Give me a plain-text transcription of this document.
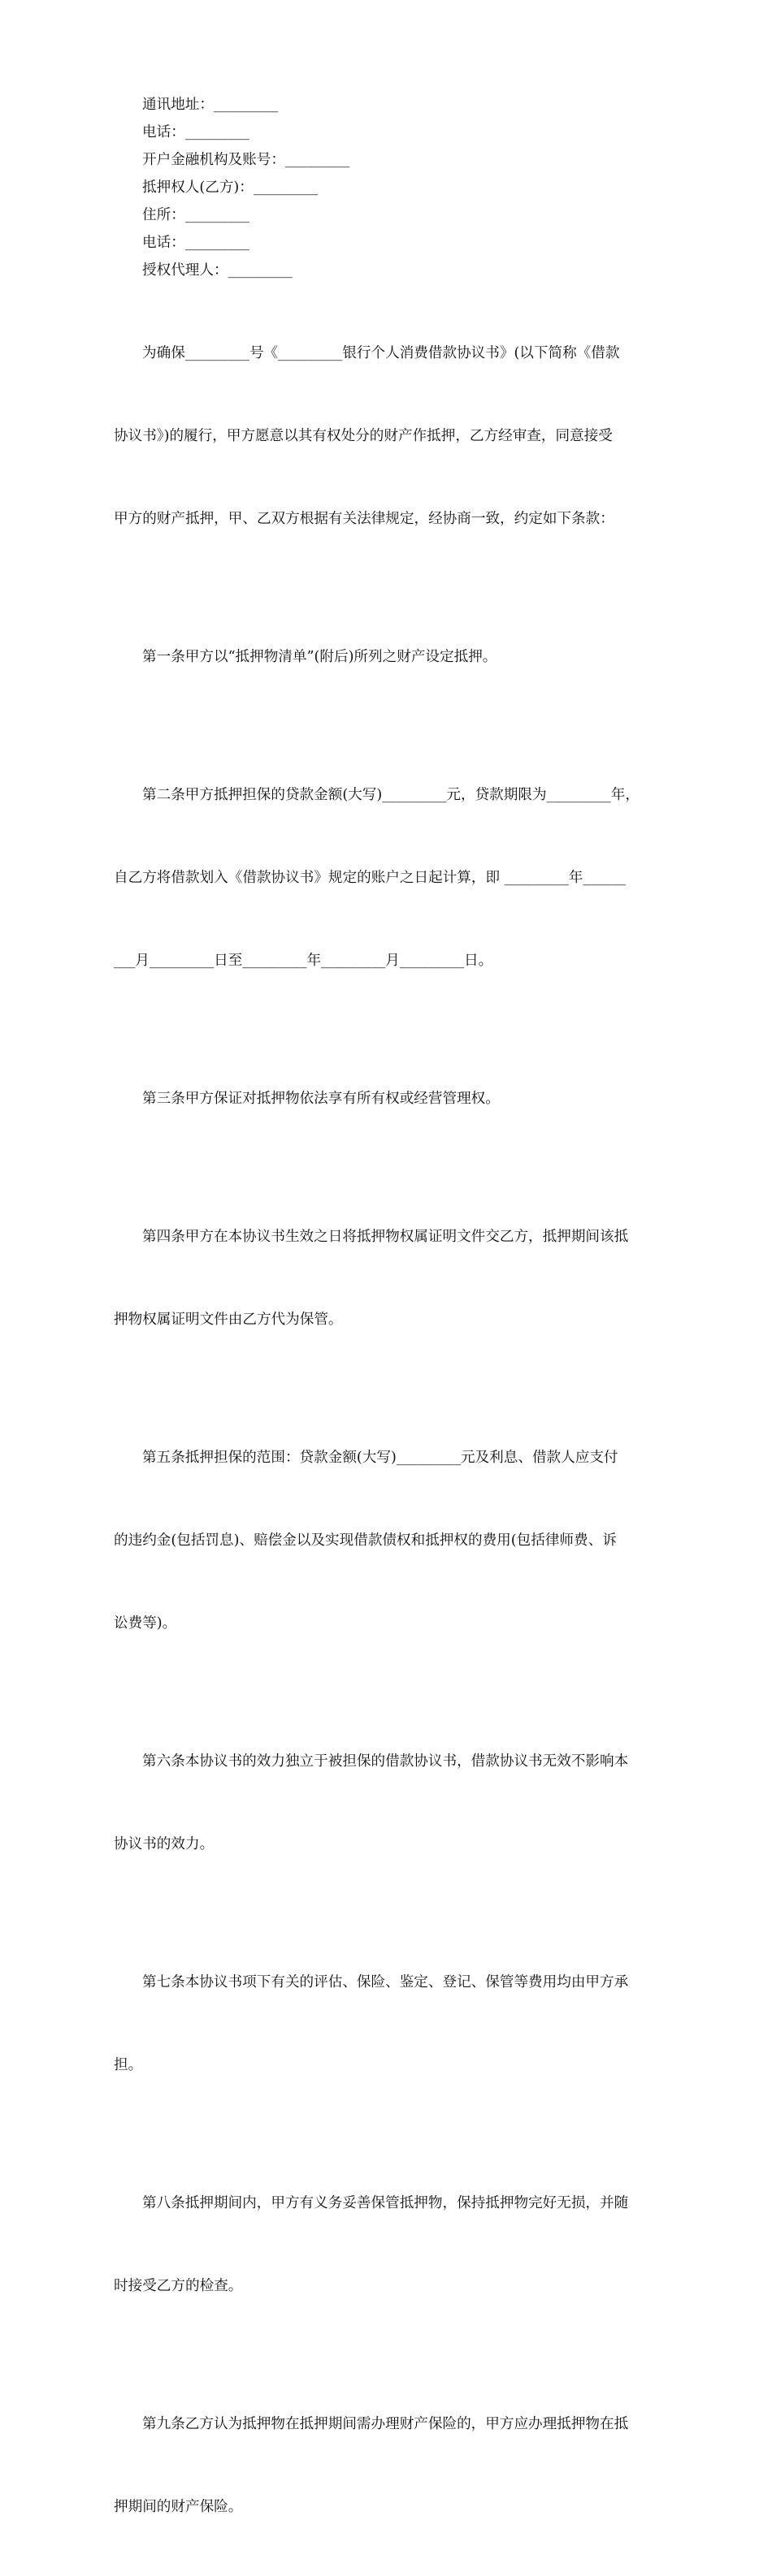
通讯地址：_________

电话：_________

开户金融机构及账号：_________

抵押权人(乙方)：_________

住所：_________

电话：_________

授权代理人：_________

为确保_________号《_________银行个人消费借款协议书》(以下简称《借款

协议书》)的履行，甲方愿意以其有权处分的财产作抵押，乙方经审查，同意接受

甲方的财产抵押，甲、乙双方根据有关法律规定，经协商一致，约定如下条款：

第一条甲方以“抵押物清单”(附后)所列之财产设定抵押。

第二条甲方抵押担保的贷款金额(大写)_________元，贷款期限为_________年，

自乙方将借款划入《借款协议书》规定的账户之日起计算，即 _________年______

___月_________日至_________年_________月_________日。

第三条甲方保证对抵押物依法享有所有权或经营管理权。

第四条甲方在本协议书生效之日将抵押物权属证明文件交乙方，抵押期间该抵

押物权属证明文件由乙方代为保管。

第五条抵押担保的范围：贷款金额(大写)_________元及利息、借款人应支付

的违约金(包括罚息)、赔偿金以及实现借款债权和抵押权的费用(包括律师费、诉

讼费等)。

第六条本协议书的效力独立于被担保的借款协议书，借款协议书无效不影响本

协议书的效力。

第七条本协议书项下有关的评估、保险、鉴定、登记、保管等费用均由甲方承

担。

第八条抵押期间内，甲方有义务妥善保管抵押物，保持抵押物完好无损，并随

时接受乙方的检查。

第九条乙方认为抵押物在抵押期间需办理财产保险的，甲方应办理抵押物在抵

押期间的财产保险。
